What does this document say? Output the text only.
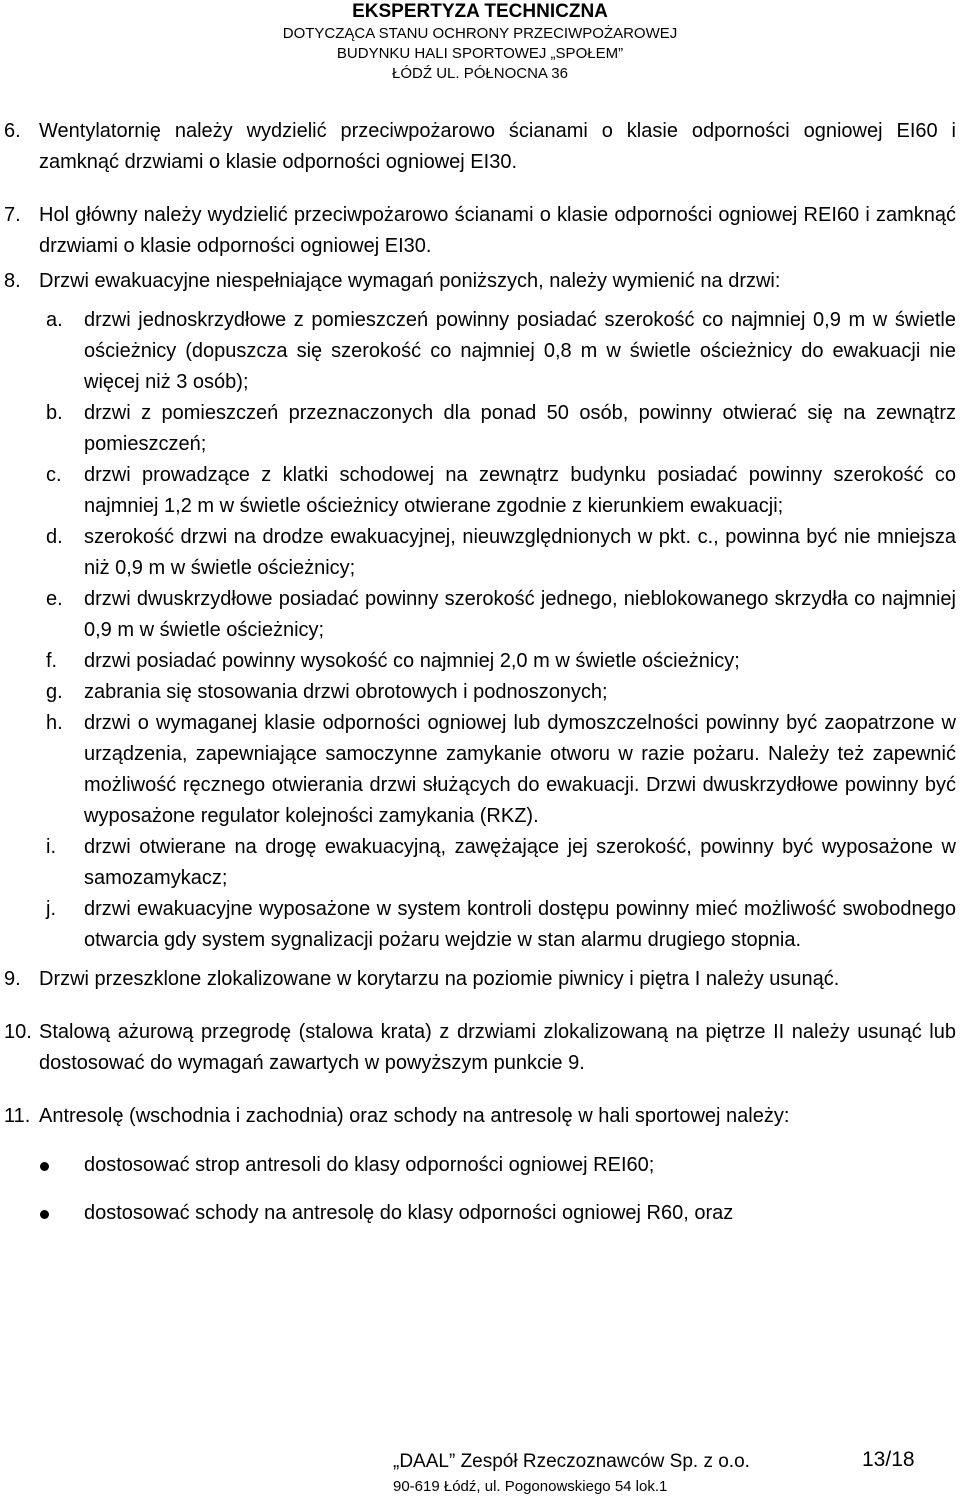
EKSPERTYZA TECHNICZNA
DOTYCZĄCA STANU OCHRONY PRZECIWPOŻAROWEJ
BUDYNKU HALI SPORTOWEJ „SPOŁEM”
ŁÓDŹ UL. PÓŁNOCNA 36
6. Wentylatornię należy wydzielić przeciwpożarowo ścianami o klasie odporności ogniowej EI60 i zamknąć drzwiami o klasie odporności ogniowej EI30.
7. Hol główny należy wydzielić przeciwpożarowo ścianami o klasie odporności ogniowej REI60 i zamknąć drzwiami o klasie odporności ogniowej EI30.
8. Drzwi ewakuacyjne niespełniające wymagań poniższych, należy wymienić na drzwi:
a. drzwi jednoskrzydłowe z pomieszczeń powinny posiadać szerokość co najmniej 0,9 m w świetle ościeżnicy (dopuszcza się szerokość co najmniej 0,8 m w świetle ościeżnicy do ewakuacji nie więcej niż 3 osób);
b. drzwi z pomieszczeń przeznaczonych dla ponad 50 osób, powinny otwierać się na zewnątrz pomieszczeń;
c. drzwi prowadzące z klatki schodowej na zewnątrz budynku posiadać powinny szerokość co najmniej 1,2 m w świetle ościeżnicy otwierane zgodnie z kierunkiem ewakuacji;
d. szerokość drzwi na drodze ewakuacyjnej, nieuwzględnionych w pkt. c., powinna być nie mniejsza niż 0,9 m w świetle ościeżnicy;
e. drzwi dwuskrzydłowe posiadać powinny szerokość jednego, nieblokowanego skrzydła co najmniej 0,9 m w świetle ościeżnicy;
f. drzwi posiadać powinny wysokość co najmniej 2,0 m w świetle ościeżnicy;
g. zabrania się stosowania drzwi obrotowych i podnoszonych;
h. drzwi o wymaganej klasie odporności ogniowej lub dymoszczelności powinny być zaopatrzone w urządzenia, zapewniające samoczynne zamykanie otworu w razie pożaru. Należy też zapewnić możliwość ręcznego otwierania drzwi służących do ewakuacji. Drzwi dwuskrzydłowe powinny być wyposażone regulator kolejności zamykania (RKZ).
i. drzwi otwierane na drogę ewakuacyjną, zawężające jej szerokość, powinny być wyposażone w samozamykacz;
j. drzwi ewakuacyjne wyposażone w system kontroli dostępu powinny mieć możliwość swobodnego otwarcia gdy system sygnalizacji pożaru wejdzie w stan alarmu drugiego stopnia.
9. Drzwi przeszklone zlokalizowane w korytarzu na poziomie piwnicy i piętra I należy usunąć.
10. Stalową ażurową przegrodę (stalowa krata) z drzwiami zlokalizowaną na piętrze II należy usunąć lub dostosować do wymagań zawartych w powyższym punkcie 9.
11. Antresolę (wschodnia i zachodnia) oraz schody na antresolę w hali sportowej należy:
dostosować strop antresoli do klasy odporności ogniowej REI60;
dostosować schody na antresolę do klasy odporności ogniowej R60, oraz
„DAAL” Zespół Rzeczoznawców Sp. z o.o.	13/18
90-619 Łódź, ul. Pogonowskiego 54 lok.1
